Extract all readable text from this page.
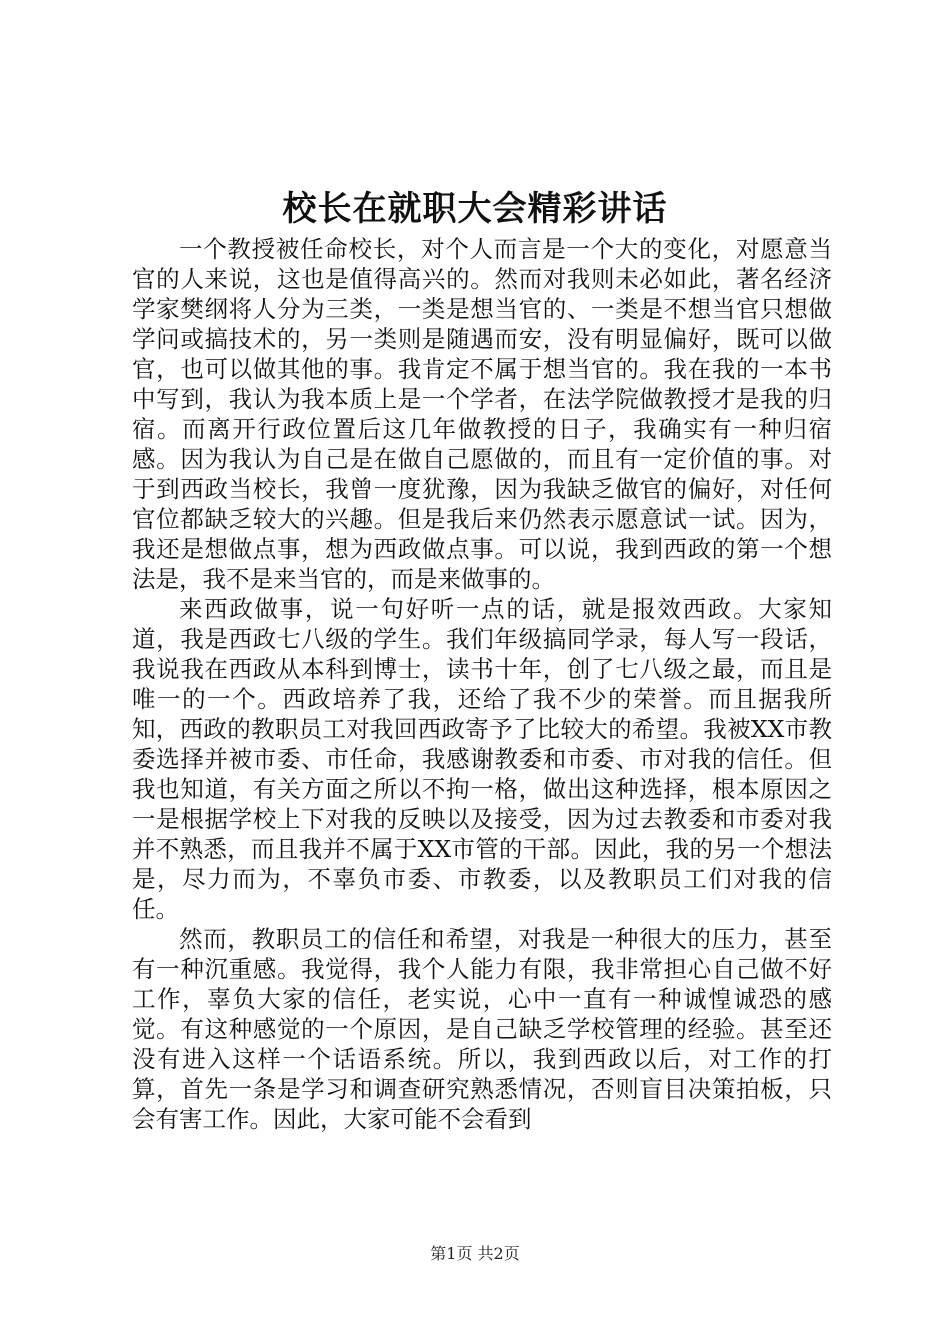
校长在就职大会精彩讲话

一个教授被任命校长，对个人而言是一个大的变化，对愿意当官的人来说，这也是值得高兴的。然而对我则未必如此，著名经济学家樊纲将人分为三类，一类是想当官的、一类是不想当官只想做学问或搞技术的，另一类则是随遇而安，没有明显偏好，既可以做官，也可以做其他的事。我肯定不属于想当官的。我在我的一本书中写到，我认为我本质上是一个学者，在法学院做教授才是我的归宿。而离开行政位置后这几年做教授的日子，我确实有一种归宿感。因为我认为自己是在做自己愿做的，而且有一定价值的事。对于到西政当校长，我曾一度犹豫，因为我缺乏做官的偏好，对任何官位都缺乏较大的兴趣。但是我后来仍然表示愿意试一试。因为，我还是想做点事，想为西政做点事。可以说，我到西政的第一个想法是，我不是来当官的，而是来做事的。

来西政做事，说一句好听一点的话，就是报效西政。大家知道，我是西政七八级的学生。我们年级搞同学录，每人写一段话，我说我在西政从本科到博士，读书十年，创了七八级之最，而且是唯一的一个。西政培养了我，还给了我不少的荣誉。而且据我所知，西政的教职员工对我回西政寄予了比较大的希望。我被XX市教委选择并被市委、市任命，我感谢教委和市委、市对我的信任。但我也知道，有关方面之所以不拘一格，做出这种选择，根本原因之一是根据学校上下对我的反映以及接受，因为过去教委和市委对我并不熟悉，而且我并不属于XX市管的干部。因此，我的另一个想法是，尽力而为，不辜负市委、市教委，以及教职员工们对我的信任。

然而，教职员工的信任和希望，对我是一种很大的压力，甚至有一种沉重感。我觉得，我个人能力有限，我非常担心自己做不好工作，辜负大家的信任，老实说，心中一直有一种诚惶诚恐的感觉。有这种感觉的一个原因，是自己缺乏学校管理的经验。甚至还没有进入这样一个话语系统。所以，我到西政以后，对工作的打算，首先一条是学习和调查研究熟悉情况，否则盲目决策拍板，只会有害工作。因此，大家可能不会看到

第1页 共2页
